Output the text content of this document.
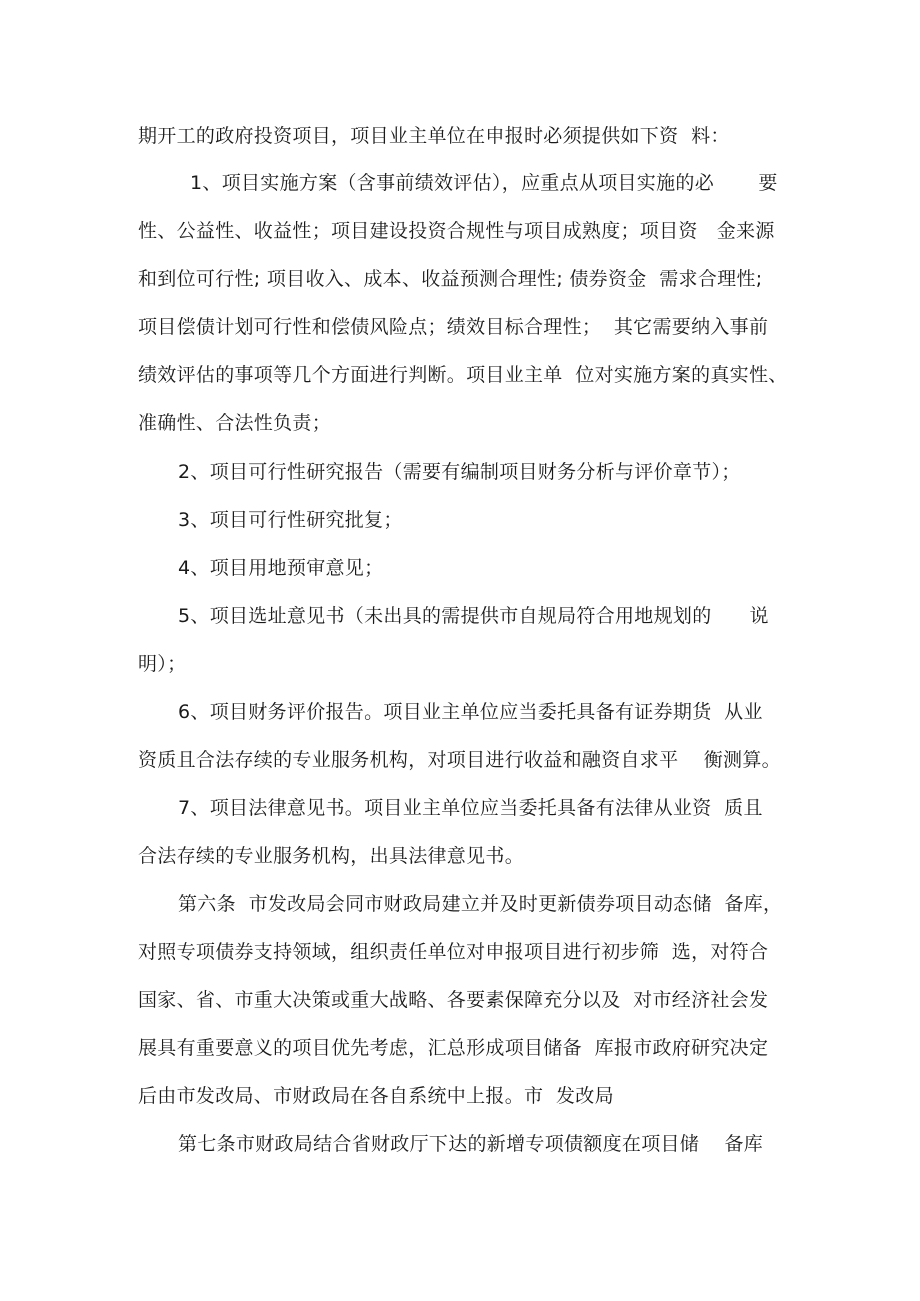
期开工的政府投资项目，项目业主单位在申报时必须提供如下资  料：
1、项目实施方案（含事前绩效评估），应重点从项目实施的必       要
性、公益性、收益性；项目建设投资合规性与项目成熟度；项目资   金来源
和到位可行性; 项目收入、成本、收益预测合理性; 债券资金  需求合理性;
项目偿债计划可行性和偿债风险点；绩效目标合理性；  其它需要纳入事前
绩效评估的事项等几个方面进行判断。项目业主单  位对实施方案的真实性、
准确性、合法性负责；
2、项目可行性研究报告（需要有编制项目财务分析与评价章节）；
3、项目可行性研究批复；
4、项目用地预审意见；
5、项目选址意见书（未出具的需提供市自规局符合用地规划的      说
明）；
6、项目财务评价报告。项目业主单位应当委托具备有证券期货  从业
资质且合法存续的专业服务机构，对项目进行收益和融资自求平    衡测算。
7、项目法律意见书。项目业主单位应当委托具备有法律从业资  质且
合法存续的专业服务机构，出具法律意见书。
第六条  市发改局会同市财政局建立并及时更新债券项目动态储  备库，
对照专项债券支持领域，组织责任单位对申报项目进行初步筛  选，对符合
国家、省、市重大决策或重大战略、各要素保障充分以及  对市经济社会发
展具有重要意义的项目优先考虑，汇总形成项目储备  库报市政府研究决定
后由市发改局、市财政局在各自系统中上报。市  发改局
第七条市财政局结合省财政厅下达的新增专项债额度在项目储    备库
